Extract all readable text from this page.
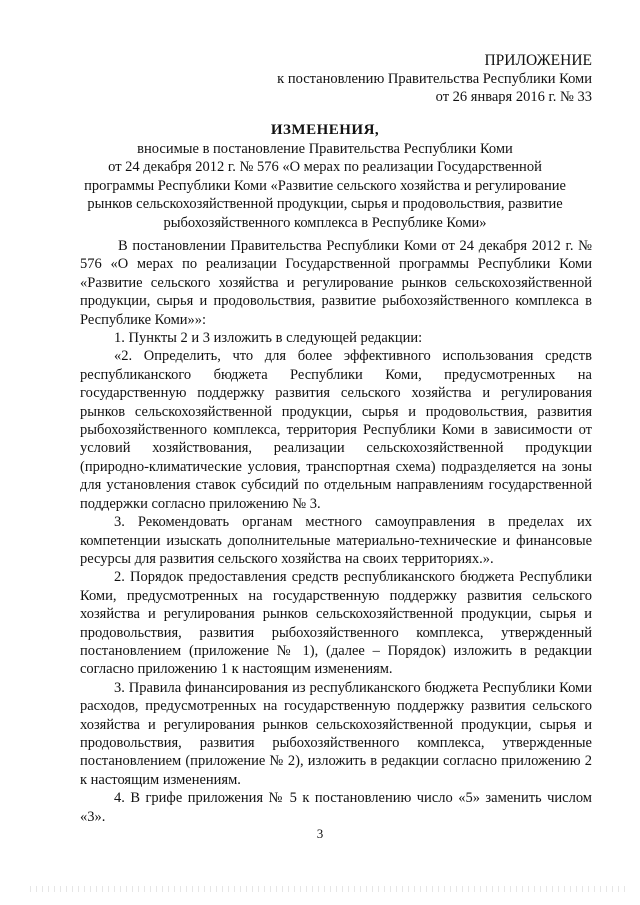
ПРИЛОЖЕНИЕ
к постановлению Правительства Республики Коми
от 26 января 2016 г. № 33
ИЗМЕНЕНИЯ,
вносимые в постановление Правительства Республики Коми
от 24 декабря 2012 г. № 576 «О мерах по реализации Государственной
программы Республики Коми «Развитие сельского хозяйства и регулирование
рынков сельскохозяйственной продукции, сырья и продовольствия, развитие
рыбохозяйственного комплекса в Республике Коми»

В постановлении Правительства Республики Коми от 24 декабря 2012 г. № 576 «О мерах по реализации Государственной программы Республики Коми «Развитие сельского хозяйства и регулирование рынков сельскохозяйственной продукции, сырья и продовольствия, развитие рыбохозяйственного комплекса в Республике Коми»»:

1. Пункты 2 и 3 изложить в следующей редакции:

«2. Определить, что для более эффективного использования средств республиканского бюджета Республики Коми, предусмотренных на государственную поддержку развития сельского хозяйства и регулирования рынков сельскохозяйственной продукции, сырья и продовольствия, развития рыбохозяйственного комплекса, территория Республики Коми в зависимости от условий хозяйствования, реализации сельскохозяйственной продукции (природно-климатические условия, транспортная схема) подразделяется на зоны для установления ставок субсидий по отдельным направлениям государственной поддержки согласно приложению № 3.

3. Рекомендовать органам местного самоуправления в пределах их компетенции изыскать дополнительные материально-технические и финансовые ресурсы для развития сельского хозяйства на своих территориях.».

2. Порядок предоставления средств республиканского бюджета Республики Коми, предусмотренных на государственную поддержку развития сельского хозяйства и регулирования рынков сельскохозяйственной продукции, сырья и продовольствия, развития рыбохозяйственного комплекса, утвержденный постановлением (приложение № 1), (далее – Порядок) изложить в редакции согласно приложению 1 к настоящим изменениям.

3. Правила финансирования из республиканского бюджета Республики Коми расходов, предусмотренных на государственную поддержку развития сельского хозяйства и регулирования рынков сельскохозяйственной продукции, сырья и продовольствия, развития рыбохозяйственного комплекса, утвержденные постановлением (приложение № 2), изложить в редакции согласно приложению 2 к настоящим изменениям.

4. В грифе приложения № 5 к постановлению число «5» заменить числом «3».

3
